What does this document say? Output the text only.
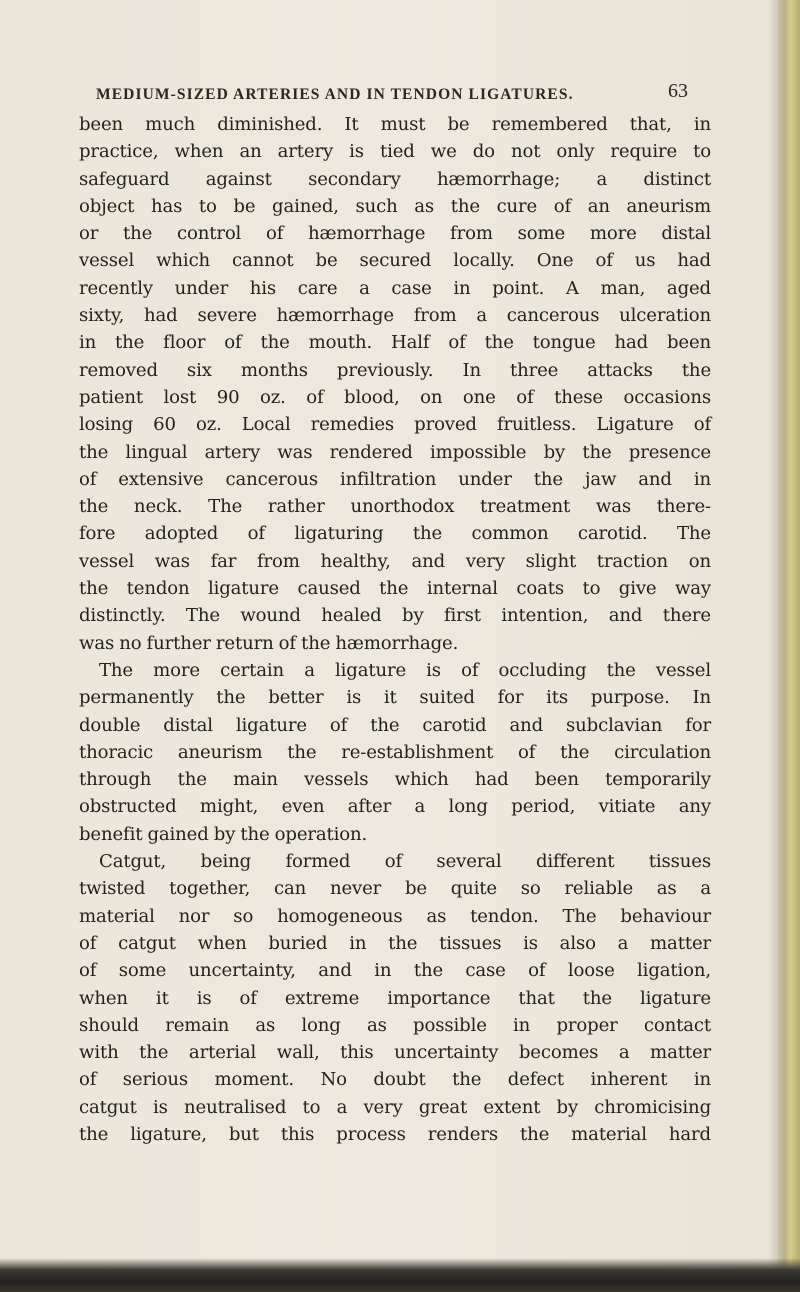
MEDIUM-SIZED ARTERIES AND IN TENDON LIGATURES.	63
been much diminished. It must be remembered that, in
practice, when an artery is tied we do not only require to
safeguard against secondary hæmorrhage; a distinct
object has to be gained, such as the cure of an aneurism
or the control of hæmorrhage from some more distal
vessel which cannot be secured locally. One of us had
recently under his care a case in point. A man, aged
sixty, had severe hæmorrhage from a cancerous ulceration
in the floor of the mouth. Half of the tongue had been
removed six months previously. In three attacks the
patient lost 90 oz. of blood, on one of these occasions
losing 60 oz. Local remedies proved fruitless. Ligature of
the lingual artery was rendered impossible by the presence
of extensive cancerous infiltration under the jaw and in
the neck. The rather unorthodox treatment was there-
fore adopted of ligaturing the common carotid. The
vessel was far from healthy, and very slight traction on
the tendon ligature caused the internal coats to give way
distinctly. The wound healed by first intention, and there
was no further return of the hæmorrhage.
The more certain a ligature is of occluding the vessel
permanently the better is it suited for its purpose. In
double distal ligature of the carotid and subclavian for
thoracic aneurism the re-establishment of the circulation
through the main vessels which had been temporarily
obstructed might, even after a long period, vitiate any
benefit gained by the operation.
Catgut, being formed of several different tissues
twisted together, can never be quite so reliable as a
material nor so homogeneous as tendon. The behaviour
of catgut when buried in the tissues is also a matter
of some uncertainty, and in the case of loose ligation,
when it is of extreme importance that the ligature
should remain as long as possible in proper contact
with the arterial wall, this uncertainty becomes a matter
of serious moment. No doubt the defect inherent in
catgut is neutralised to a very great extent by chromicising
the ligature, but this process renders the material hard
